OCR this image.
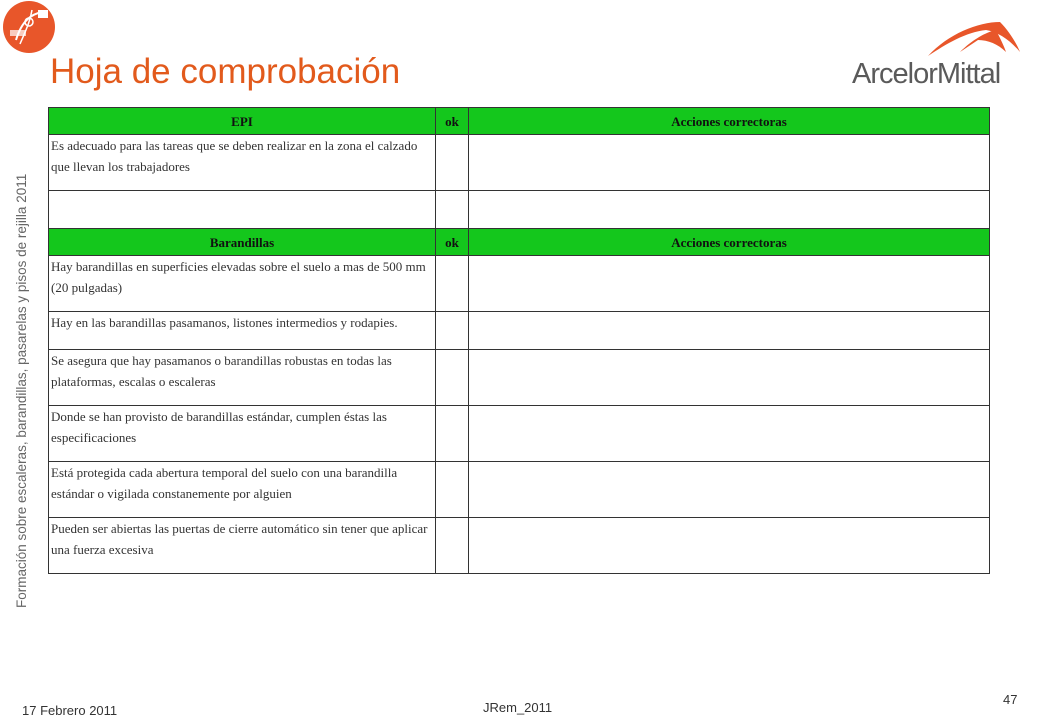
Hoja de comprobación	ArcelorMittal
Formación sobre escaleras, barandillas, pasarelas y pisos de rejilla 2011
EPI	ok	Acciones correctoras
Es adecuado para las tareas que se deben realizar en la zona el calzado que llevan los trabajadores		

Barandillas	ok	Acciones correctoras
Hay barandillas en superficies elevadas sobre el suelo a mas de 500 mm (20 pulgadas)		
Hay en las barandillas pasamanos, listones intermedios y rodapies.		
Se asegura que hay pasamanos o barandillas robustas en todas las plataformas, escalas o escaleras		
Donde se han provisto de barandillas estándar, cumplen éstas las especificaciones		
Está protegida cada abertura temporal del suelo con una barandilla estándar o vigilada constanemente por alguien		
Pueden ser abiertas las puertas de cierre automático sin tener que aplicar una fuerza excesiva		
17 Febrero 2011	JRem_2011
47
